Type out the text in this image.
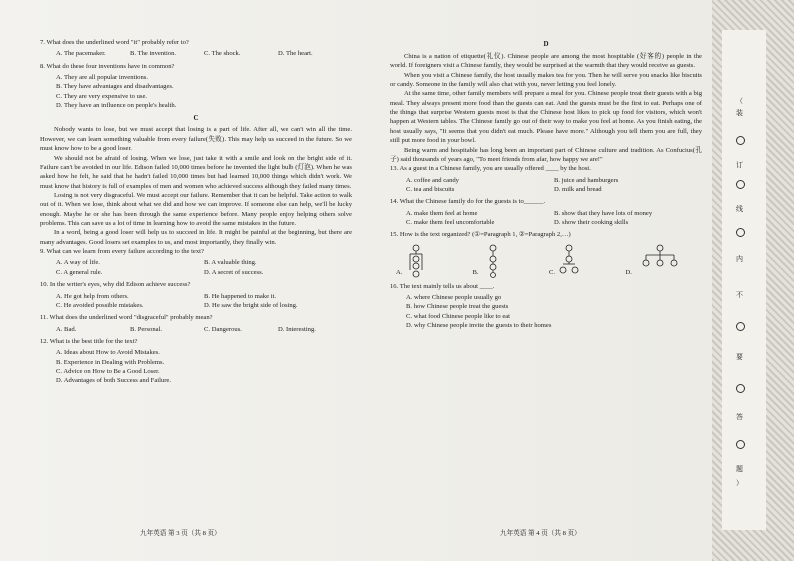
7. What does the underlined word "it" probably refer to?

A. The pacemaker.	B. The invention.	C. The shock.	D. The heart.

8. What do these four inventions have in common?

A. They are all popular inventions.
B. They have advantages and disadvantages.
C. They are very expensive to use.
D. They have an influence on people's health.
C

Nobody wants to lose, but we must accept that losing is a part of life. After all, we can't win all the time. However, we can learn something valuable from every failure(失败). This may help us succeed in the future. So we must know how to be a good loser.

We should not be afraid of losing. When we lose, just take it with a smile and look on the bright side of it. Failure can't be avoided in our life. Edison failed 10,000 times before he invented the light bulb (灯泡). When he was asked how he felt, he said that he hadn't failed 10,000 times but had learned 10,000 things which didn't work. We must know that history is full of examples of men and women who achieved success although they failed many times.

Losing is not very disgraceful. We must accept our failure. Remember that it can be helpful. Take action to walk out of it. When we lose, think about what we did and how we can improve. If someone else can help, we'll be lucky enough. Maybe he or she has been through the same experience before. Many people enjoy helping others solve problems. This can save us a lot of time in learning how to avoid the same mistakes in the future.

In a word, being a good loser will help us to succeed in life. It might be painful at the beginning, but there are many advantages. Good losers set examples to us, and most importantly, they finally win.

9. What can we learn from every failure according to the text?

A. A way of life.	B. A valuable thing.
C. A general rule.	D. A secret of success.

10. In the writer's eyes, why did Edison achieve success?

A. He got help from others.	B. He happened to make it.
C. He avoided possible mistakes.	D. He saw the bright side of losing.

11. What does the underlined word "disgraceful" probably mean?

A. Bad.	B. Personal.	C. Dangerous.	D. Interesting.

12. What is the best title for the text?

A. Ideas about How to Avoid Mistakes.
B. Experience in Dealing with Problems.
C. Advice on How to Be a Good Loser.
D. Advantages of both Success and Failure.
九年英语 第 3 页（共 8 页）
D

China is a nation of etiquette(礼仪). Chinese people are among the most hospitable (好客的) people in the world. If foreigners visit a Chinese family, they would be surprised at the warmth that they would receive as guests.

When you visit a Chinese family, the host usually makes tea for you. Then he will serve you snacks like biscuits or candy. Someone in the family will also chat with you, never letting you feel lonely.

At the same time, other family members will prepare a meal for you. Chinese people treat their guests with a big meal. They always present more food than the guests can eat. And the guests must be the first to eat. Perhaps one of the things that surprise Western guests most is that the Chinese host likes to pick up food for visitors, which won't happen at Western tables. The Chinese family go out of their way to make you feel at home. As you finish eating, the host usually says, "It seems that you didn't eat much. Please have more." Although you tell them you are full, they still put more food in your bowl.

Being warm and hospitable has long been an important part of Chinese culture and tradition. As Confucius(孔子) said thousands of years ago, "To meet friends from afar, how happy we are!"

13. As a guest in a Chinese family, you are usually offered ____ by the host.

A. coffee and candy	B. juice and hamburgers
C. tea and biscuits	D. milk and bread

14. What the Chinese family do for the guests is to______.

A. make them feel at home	B. show that they have lots of money
C. make them feel uncomfortable	D. show their cooking skills

15. How is the text organized? (①=Paragraph 1, ②=Paragraph 2,…)

A.	B.	C.	D.

16. The text mainly tells us about ____.

A. where Chinese people usually go
B. how Chinese people treat the guests
C. what food Chinese people like to eat
D. why Chinese people invite the guests to their homes
九年英语 第 4 页（共 8 页）
（
装
订
线
内
不
要
答
题
）
